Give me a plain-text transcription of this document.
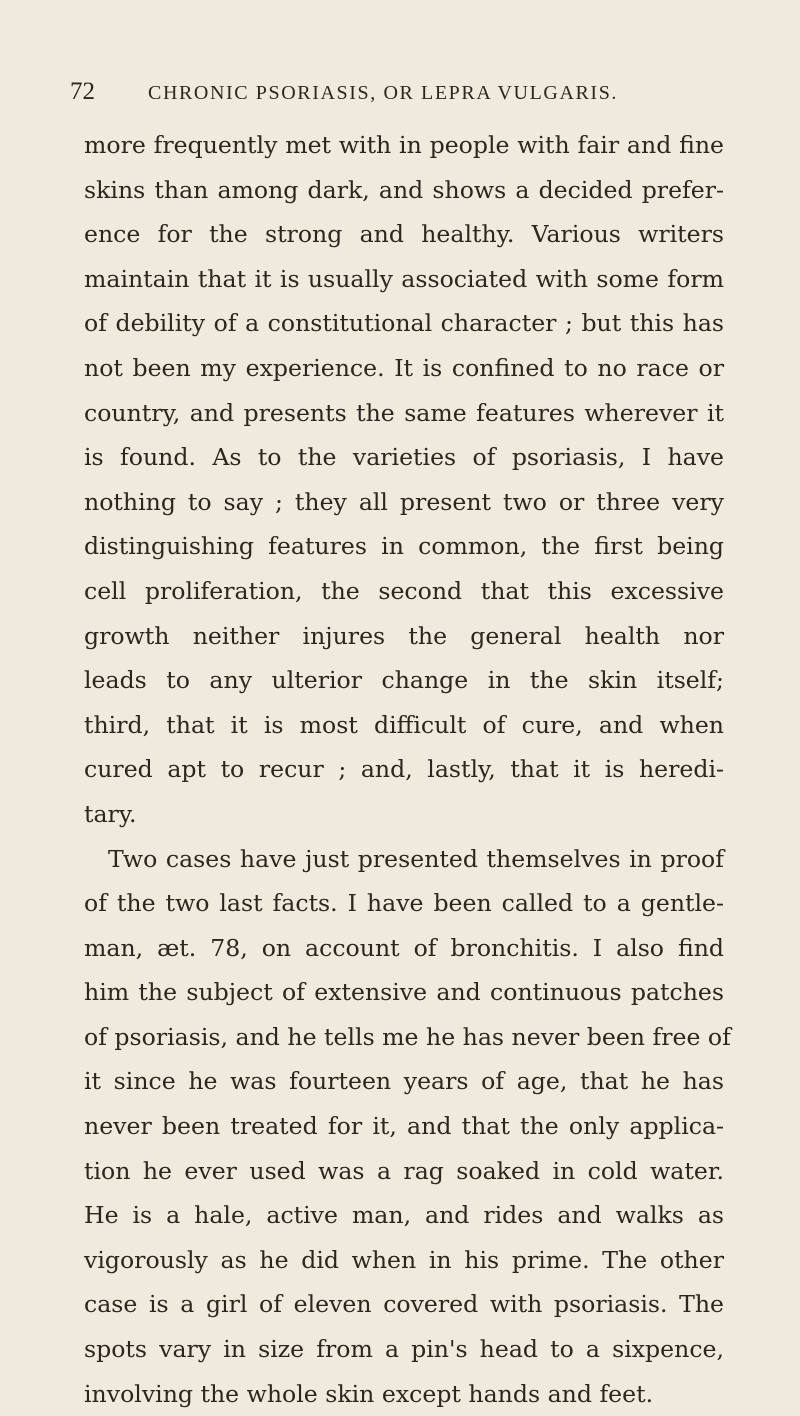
72	CHRONIC PSORIASIS, OR LEPRA VULGARIS.
more frequently met with in people with fair and fine
skins than among dark, and shows a decided prefer-
ence for the strong and healthy. Various writers
maintain that it is usually associated with some form
of debility of a constitutional character ; but this has
not been my experience. It is confined to no race or
country, and presents the same features wherever it
is found. As to the varieties of psoriasis, I have
nothing to say ; they all present two or three very
distinguishing features in common, the first being
cell proliferation, the second that this excessive
growth neither injures the general health nor
leads to any ulterior change in the skin itself;
third, that it is most difficult of cure, and when
cured apt to recur ; and, lastly, that it is heredi-
tary.
Two cases have just presented themselves in proof
of the two last facts. I have been called to a gentle-
man, æt. 78, on account of bronchitis. I also find
him the subject of extensive and continuous patches
of psoriasis, and he tells me he has never been free of
it since he was fourteen years of age, that he has
never been treated for it, and that the only applica-
tion he ever used was a rag soaked in cold water.
He is a hale, active man, and rides and walks as
vigorously as he did when in his prime. The other
case is a girl of eleven covered with psoriasis. The
spots vary in size from a pin's head to a sixpence,
involving the whole skin except hands and feet.
